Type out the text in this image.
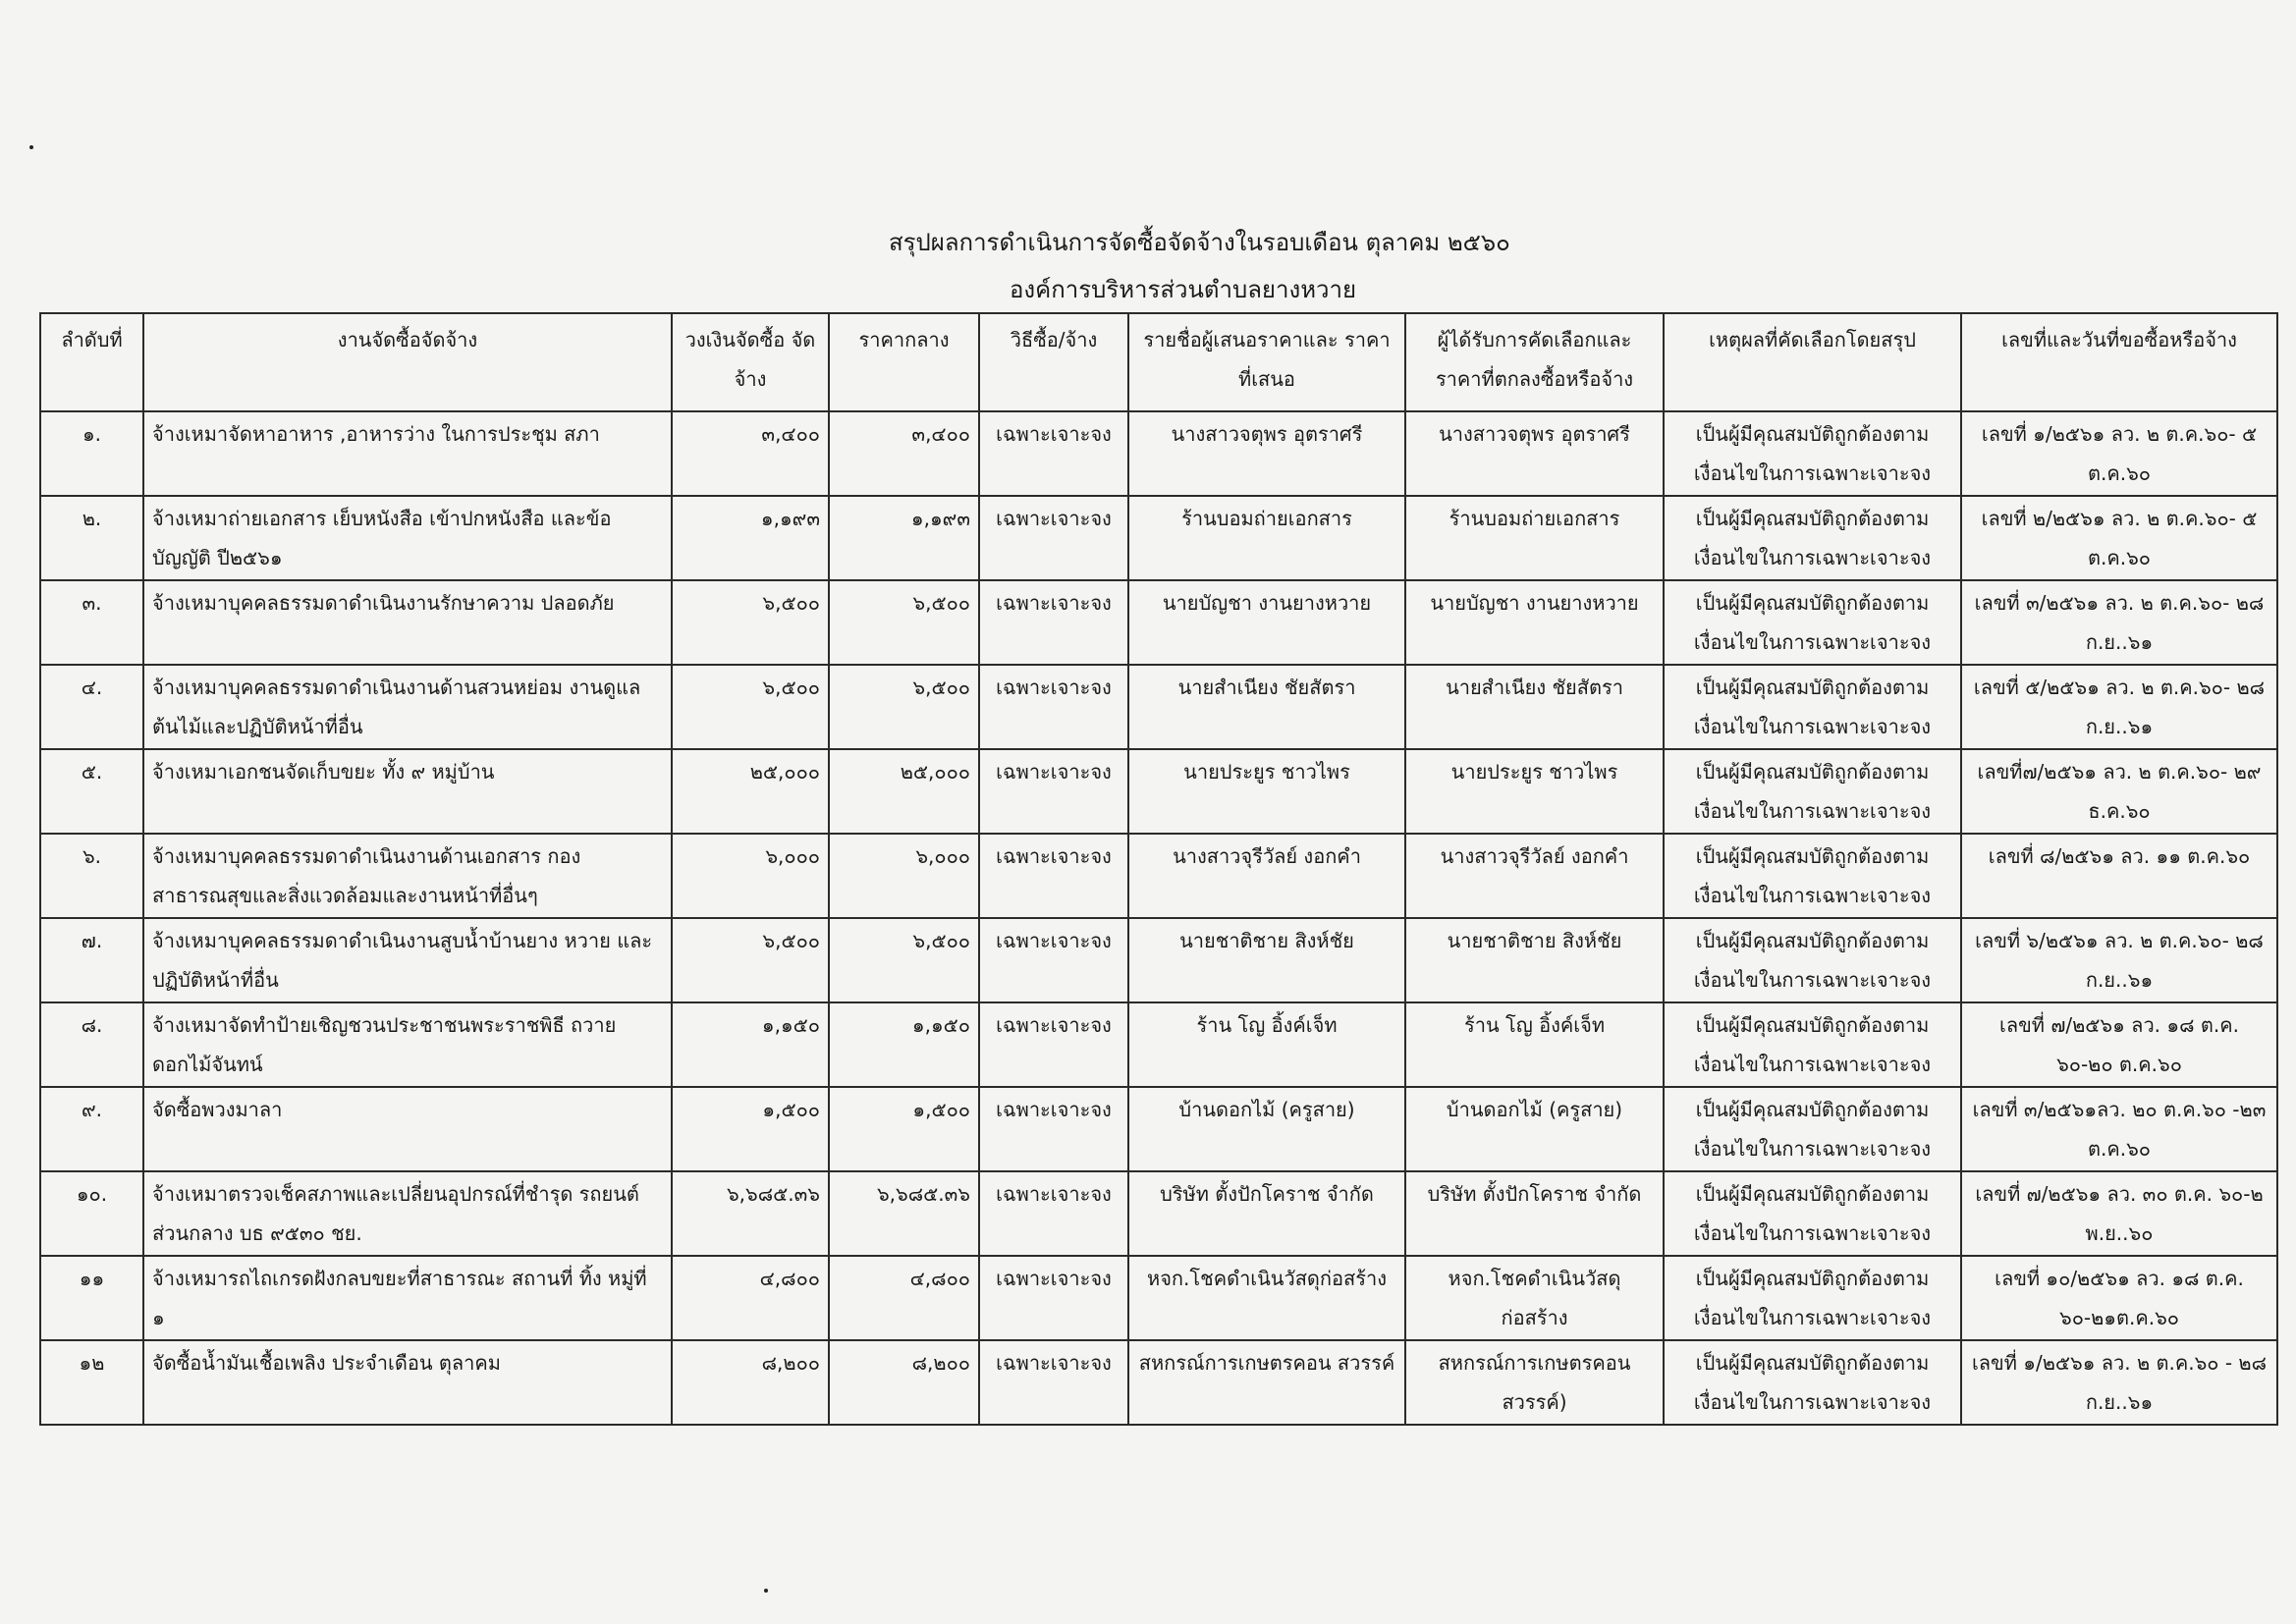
สรุปผลการดำเนินการจัดซื้อจัดจ้างในรอบเดือน ตุลาคม ๒๕๖๐
องค์การบริหารส่วนตำบลยางหวาย
ลำดับที่	งานจัดซื้อจัดจ้าง	วงเงินจัดซื้อ จัดจ้าง	ราคากลาง	วิธีซื้อ/จ้าง	รายชื่อผู้เสนอราคาและ ราคาที่เสนอ	ผู้ได้รับการคัดเลือกและ ราคาที่ตกลงซื้อหรือจ้าง	เหตุผลที่คัดเลือกโดยสรุป	เลขที่และวันที่ขอซื้อหรือจ้าง
๑.	จ้างเหมาจัดหาอาหาร ,อาหารว่าง ในการประชุม สภา	๓,๔๐๐	๓,๔๐๐	เฉพาะเจาะจง	นางสาวจตุพร อุตราศรี	นางสาวจตุพร อุตราศรี	เป็นผู้มีคุณสมบัติถูกต้องตาม เงื่อนไขในการเฉพาะเจาะจง	เลขที่ ๑/๒๕๖๑ ลว. ๒ ต.ค.๖๐- ๕ ต.ค.๖๐
๒.	จ้างเหมาถ่ายเอกสาร เย็บหนังสือ เข้าปกหนังสือ และข้อบัญญัติ ปี๒๕๖๑	๑,๑๙๓	๑,๑๙๓	เฉพาะเจาะจง	ร้านบอมถ่ายเอกสาร	ร้านบอมถ่ายเอกสาร	เป็นผู้มีคุณสมบัติถูกต้องตาม เงื่อนไขในการเฉพาะเจาะจง	เลขที่ ๒/๒๕๖๑ ลว. ๒ ต.ค.๖๐- ๕ ต.ค.๖๐
๓.	จ้างเหมาบุคคลธรรมดาดำเนินงานรักษาความ ปลอดภัย	๖,๕๐๐	๖,๕๐๐	เฉพาะเจาะจง	นายบัญชา งานยางหวาย	นายบัญชา งานยางหวาย	เป็นผู้มีคุณสมบัติถูกต้องตาม เงื่อนไขในการเฉพาะเจาะจง	เลขที่ ๓/๒๕๖๑ ลว. ๒ ต.ค.๖๐- ๒๘ ก.ย..๖๑
๔.	จ้างเหมาบุคคลธรรมดาดำเนินงานด้านสวนหย่อม งานดูแลต้นไม้และปฏิบัติหน้าที่อื่น	๖,๕๐๐	๖,๕๐๐	เฉพาะเจาะจง	นายสำเนียง ชัยสัตรา	นายสำเนียง ชัยสัตรา	เป็นผู้มีคุณสมบัติถูกต้องตาม เงื่อนไขในการเฉพาะเจาะจง	เลขที่ ๕/๒๕๖๑ ลว. ๒ ต.ค.๖๐- ๒๘ ก.ย..๖๑
๕.	จ้างเหมาเอกชนจัดเก็บขยะ ทั้ง ๙ หมู่บ้าน	๒๕,๐๐๐	๒๕,๐๐๐	เฉพาะเจาะจง	นายประยูร ชาวไพร	นายประยูร ชาวไพร	เป็นผู้มีคุณสมบัติถูกต้องตาม เงื่อนไขในการเฉพาะเจาะจง	เลขที่๗/๒๕๖๑ ลว. ๒ ต.ค.๖๐- ๒๙ ธ.ค.๖๐
๖.	จ้างเหมาบุคคลธรรมดาดำเนินงานด้านเอกสาร กองสาธารณสุขและสิ่งแวดล้อมและงานหน้าที่อื่นๆ	๖,๐๐๐	๖,๐๐๐	เฉพาะเจาะจง	นางสาวจุรีวัลย์ งอกคำ	นางสาวจุรีวัลย์ งอกคำ	เป็นผู้มีคุณสมบัติถูกต้องตาม เงื่อนไขในการเฉพาะเจาะจง	เลขที่ ๘/๒๕๖๑ ลว. ๑๑ ต.ค.๖๐
๗.	จ้างเหมาบุคคลธรรมดาดำเนินงานสูบน้ำบ้านยาง หวาย และปฏิบัติหน้าที่อื่น	๖,๕๐๐	๖,๕๐๐	เฉพาะเจาะจง	นายชาติชาย สิงห์ชัย	นายชาติชาย สิงห์ชัย	เป็นผู้มีคุณสมบัติถูกต้องตาม เงื่อนไขในการเฉพาะเจาะจง	เลขที่ ๖/๒๕๖๑ ลว. ๒ ต.ค.๖๐- ๒๘ ก.ย..๖๑
๘.	จ้างเหมาจัดทำป้ายเชิญชวนประชาชนพระราชพิธี ถวายดอกไม้จันทน์	๑,๑๕๐	๑,๑๕๐	เฉพาะเจาะจง	ร้าน โญ อิ้งค์เจ็ท	ร้าน โญ อิ้งค์เจ็ท	เป็นผู้มีคุณสมบัติถูกต้องตาม เงื่อนไขในการเฉพาะเจาะจง	เลขที่ ๗/๒๕๖๑ ลว. ๑๘ ต.ค. ๖๐-๒๐ ต.ค.๖๐
๙.	จัดซื้อพวงมาลา	๑,๕๐๐	๑,๕๐๐	เฉพาะเจาะจง	บ้านดอกไม้ (ครูสาย)	บ้านดอกไม้ (ครูสาย)	เป็นผู้มีคุณสมบัติถูกต้องตาม เงื่อนไขในการเฉพาะเจาะจง	เลขที่ ๓/๒๕๖๑ลว. ๒๐ ต.ค.๖๐ -๒๓ ต.ค.๖๐
๑๐.	จ้างเหมาตรวจเช็คสภาพและเปลี่ยนอุปกรณ์ที่ชำรุด รถยนต์ส่วนกลาง บธ ๙๕๓๐ ชย.	๖,๖๘๕.๓๖	๖,๖๘๕.๓๖	เฉพาะเจาะจง	บริษัท ตั้งปักโคราช จำกัด	บริษัท ตั้งปักโคราช จำกัด	เป็นผู้มีคุณสมบัติถูกต้องตาม เงื่อนไขในการเฉพาะเจาะจง	เลขที่ ๗/๒๕๖๑ ลว. ๓๐ ต.ค. ๖๐-๒ พ.ย..๖๐
๑๑	จ้างเหมารถไถเกรดฝังกลบขยะที่สาธารณะ สถานที่ ทิ้ง หมู่ที่ ๑	๔,๘๐๐	๔,๘๐๐	เฉพาะเจาะจง	หจก.โชคดำเนินวัสดุก่อสร้าง	หจก.โชคดำเนินวัสดุ ก่อสร้าง	เป็นผู้มีคุณสมบัติถูกต้องตาม เงื่อนไขในการเฉพาะเจาะจง	เลขที่ ๑๐/๒๕๖๑ ลว. ๑๘ ต.ค. ๖๐-๒๑ต.ค.๖๐
๑๒	จัดซื้อน้ำมันเชื้อเพลิง ประจำเดือน ตุลาคม	๘,๒๐๐	๘,๒๐๐	เฉพาะเจาะจง	สหกรณ์การเกษตรคอน สวรรค์	สหกรณ์การเกษตรคอน สวรรค์)	เป็นผู้มีคุณสมบัติถูกต้องตาม เงื่อนไขในการเฉพาะเจาะจง	เลขที่ ๑/๒๕๖๑ ลว. ๒ ต.ค.๖๐ - ๒๘ ก.ย..๖๑
